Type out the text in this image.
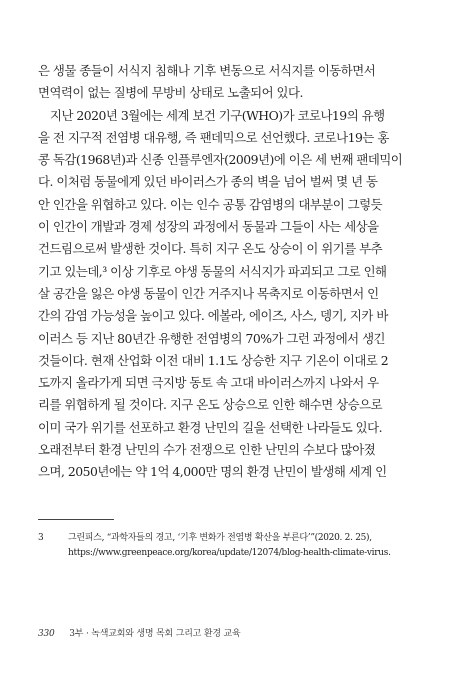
은 생물 종들이 서식지 침해나 기후 변동으로 서식지를 이동하면서
면역력이 없는 질병에 무방비 상태로 노출되어 있다.
지난 2020년 3월에는 세계 보건 기구(WHO)가 코로나19의 유행
을 전 지구적 전염병 대유행, 즉 팬데믹으로 선언했다. 코로나19는 홍
콩 독감(1968년)과 신종 인플루엔자(2009년)에 이은 세 번째 팬데믹이
다. 이처럼 동물에게 있던 바이러스가 종의 벽을 넘어 벌써 몇 년 동
안 인간을 위협하고 있다. 이는 인수 공통 감염병의 대부분이 그렇듯
이 인간이 개발과 경제 성장의 과정에서 동물과 그들이 사는 세상을
건드림으로써 발생한 것이다. 특히 지구 온도 상승이 이 위기를 부추
기고 있는데,³ 이상 기후로 야생 동물의 서식지가 파괴되고 그로 인해
살 공간을 잃은 야생 동물이 인간 거주지나 목축지로 이동하면서 인
간의 감염 가능성을 높이고 있다. 에볼라, 에이즈, 사스, 뎅기, 지카 바
이러스 등 지난 80년간 유행한 전염병의 70%가 그런 과정에서 생긴
것들이다. 현재 산업화 이전 대비 1.1도 상승한 지구 기온이 이대로 2
도까지 올라가게 되면 극지방 동토 속 고대 바이러스까지 나와서 우
리를 위협하게 될 것이다. 지구 온도 상승으로 인한 해수면 상승으로
이미 국가 위기를 선포하고 환경 난민의 길을 선택한 나라들도 있다.
오래전부터 환경 난민의 수가 전쟁으로 인한 난민의 수보다 많아졌
으며, 2050년에는 약 1억 4,000만 명의 환경 난민이 발생해 세계 인
3	그린피스, “과학자들의 경고, ‘기후 변화가 전염병 확산을 부른다’”(2020. 2. 25),
https://www.greenpeace.org/korea/update/12074/blog-health-climate-virus.
330 3부 · 녹색교회와 생명 목회 그리고 환경 교육
